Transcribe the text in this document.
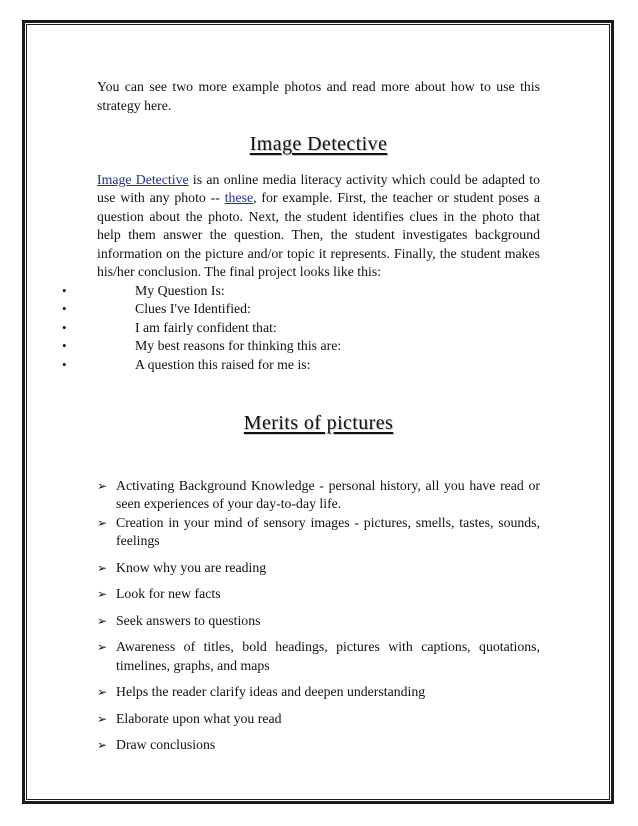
You can see two more example photos and read more about how to use this strategy here.

Image Detective

Image Detective is an online media literacy activity which could be adapted to use with any photo -- these, for example. First, the teacher or student poses a question about the photo. Next, the student identifies clues in the photo that help them answer the question. Then, the student investigates background information on the picture and/or topic it represents. Finally, the student makes his/her conclusion. The final project looks like this:

•	My Question Is:
•	Clues I've Identified:
•	I am fairly confident that:
•	My best reasons for thinking this are:
•	A question this raised for me is:
Merits of pictures
➢ Activating Background Knowledge - personal history, all you have read or seen experiences of your day-to-day life.
➢ Creation in your mind of sensory images - pictures, smells, tastes, sounds, feelings
➢ Know why you are reading
➢ Look for new facts
➢ Seek answers to questions
➢ Awareness of titles, bold headings, pictures with captions, quotations, timelines, graphs, and maps
➢ Helps the reader clarify ideas and deepen understanding
➢ Elaborate upon what you read
➢ Draw conclusions
